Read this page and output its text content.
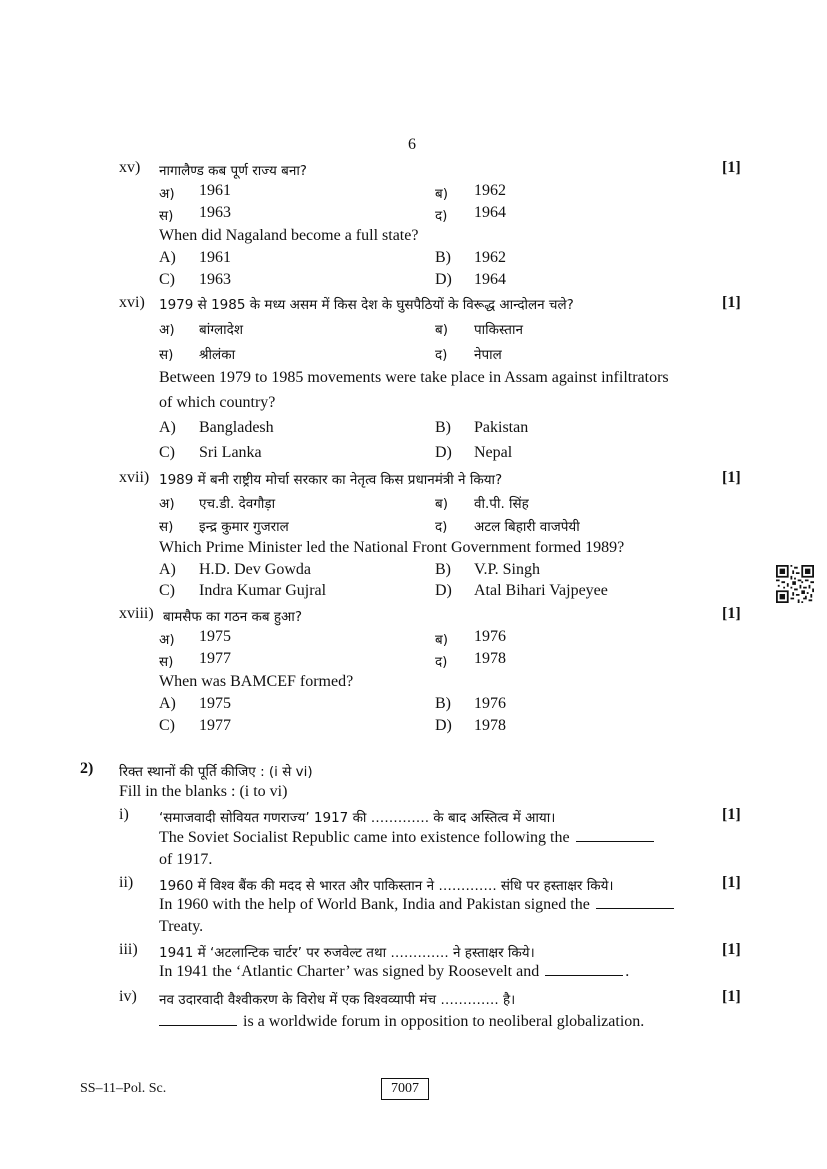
6
xv) नागालैण्ड कब पूर्ण राज्य बना?	[1]
अ) 1961	ब) 1962
स) 1963	द) 1964
When did Nagaland become a full state?
A) 1961	B) 1962
C) 1963	D) 1964
xvi) 1979 से 1985 के मध्य असम में किस देश के घुसपैठियों के विरूद्ध आन्दोलन चले?	[1]
अ) बांग्लादेश	ब) पाकिस्तान
स) श्रीलंका	द) नेपाल
Between 1979 to 1985 movements were take place in Assam against infiltrators
of which country?
A) Bangladesh	B) Pakistan
C) Sri Lanka	D) Nepal
xvii) 1989 में बनी राष्ट्रीय मोर्चा सरकार का नेतृत्व किस प्रधानमंत्री ने किया?	[1]
अ) एच.डी. देवगौड़ा	ब) वी.पी. सिंह
स) इन्द्र कुमार गुजराल	द) अटल बिहारी वाजपेयी
Which Prime Minister led the National Front Government formed 1989?
A) H.D. Dev Gowda	B) V.P. Singh
C) Indra Kumar Gujral	D) Atal Bihari Vajpeyee
xviii) बामसैफ का गठन कब हुआ?	[1]
अ) 1975	ब) 1976
स) 1977	द) 1978
When was BAMCEF formed?
A) 1975	B) 1976
C) 1977	D) 1978
2) रिक्त स्थानों की पूर्ति कीजिए : (i से vi)
Fill in the blanks : (i to vi)
i) ‘समाजवादी सोवियत गणराज्य’ 1917 की …………. के बाद अस्तित्व में आया।	[1]
The Soviet Socialist Republic came into existence following the
of 1917.
ii) 1960 में विश्व बैंक की मदद से भारत और पाकिस्तान ने …………. संधि पर हस्ताक्षर किये।	[1]
In 1960 with the help of World Bank, India and Pakistan signed the
Treaty.
iii) 1941 में ‘अटलान्टिक चार्टर’ पर रुजवेल्ट तथा …………. ने हस्ताक्षर किये।	[1]
In 1941 the ‘Atlantic Charter’ was signed by Roosevelt and	.
iv) नव उदारवादी वैश्वीकरण के विरोध में एक विश्वव्यापी मंच …………. है।	[1]
is a worldwide forum in opposition to neoliberal globalization.
SS–11–Pol. Sc.	7007
